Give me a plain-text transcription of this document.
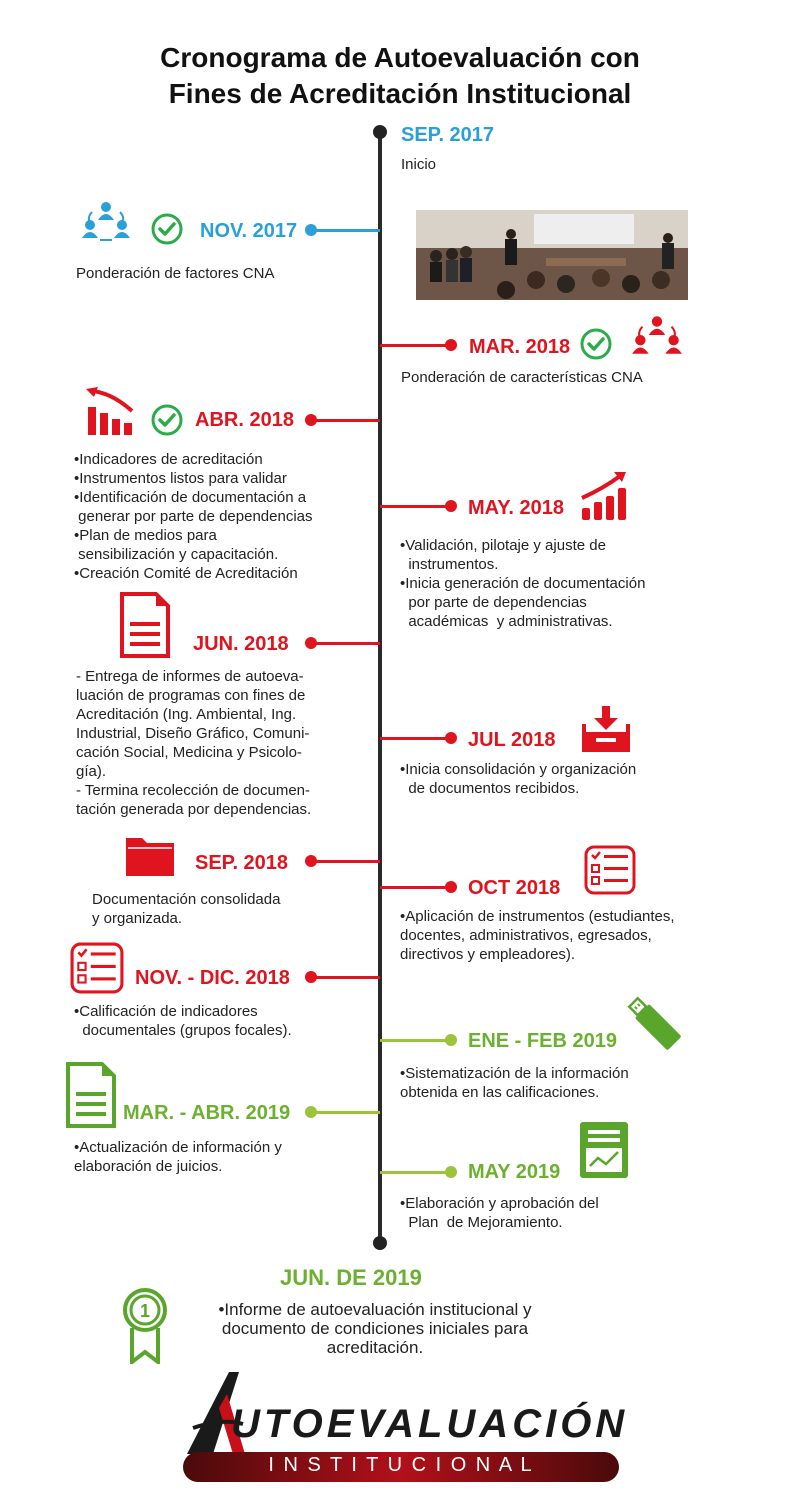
Cronograma de Autoevaluación con
Fines de Acreditación Institucional
SEP. 2017
Inicio
NOV. 2017
Ponderación de factores CNA
MAR. 2018
Ponderación de características CNA
ABR. 2018
•Indicadores de acreditación
•Instrumentos listos para validar
•Identificación de documentación a
generar por parte de dependencias
•Plan de medios para
sensibilización y capacitación.
•Creación Comité de Acreditación
MAY. 2018
•Validación, pilotaje y ajuste de
instrumentos.
•Inicia generación de documentación
por parte de dependencias
académicas  y administrativas.
JUN. 2018
- Entrega de informes de autoeva-
luación de programas con fines de
Acreditación (Ing. Ambiental, Ing.
Industrial, Diseño Gráfico, Comuni-
cación Social, Medicina y Psicolo-
gía).
- Termina recolección de documen-
tación generada por dependencias.
JUL 2018
•Inicia consolidación y organización
de documentos recibidos.
SEP. 2018
Documentación consolidada
y organizada.
OCT 2018
•Aplicación de instrumentos (estudiantes,
docentes, administrativos, egresados,
directivos y empleadores).
NOV. - DIC. 2018
•Calificación de indicadores
documentales (grupos focales).	ENE - FEB 2019
•Sistematización de la información
obtenida en las calificaciones.
MAR. - ABR. 2019
•Actualización de información y
elaboración de juicios.	MAY 2019
•Elaboración y aprobación del
Plan  de Mejoramiento.
JUN. DE 2019
1	•Informe de autoevaluación institucional y
documento de condiciones iniciales para
acreditación.
UTOEVALUACIÓN
I N S T I T U C I O N A L
